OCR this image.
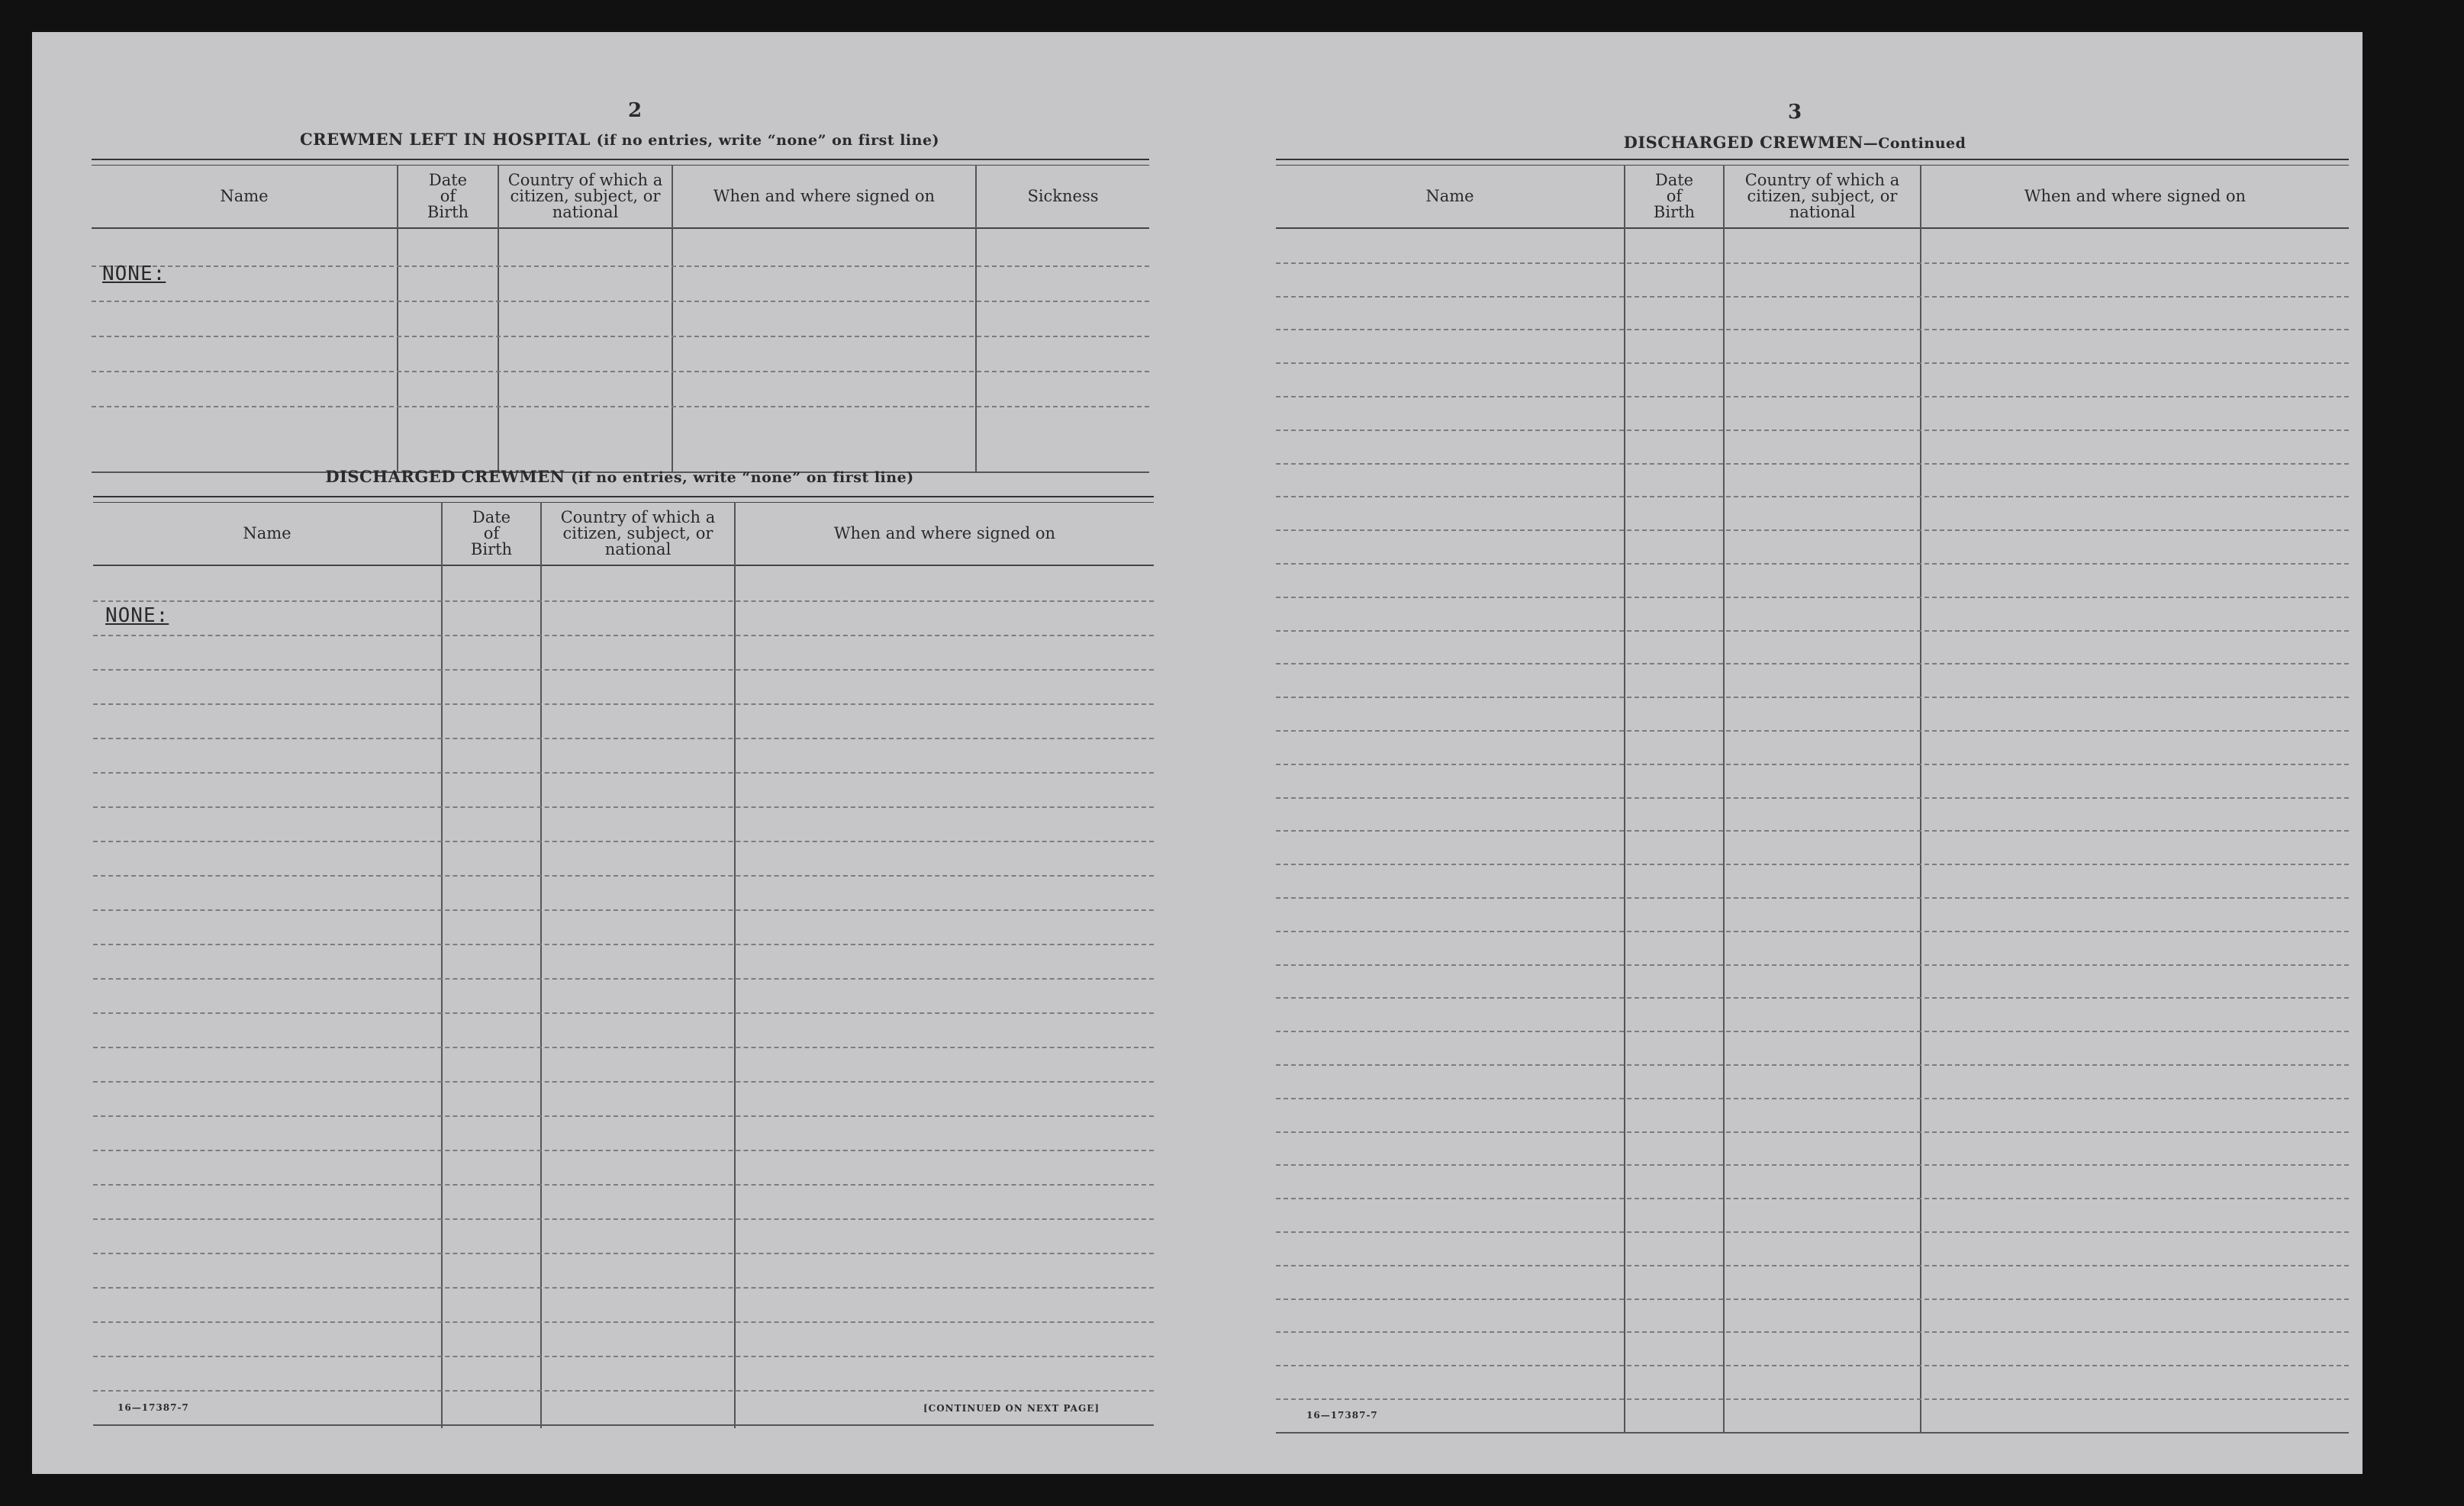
2
CREWMEN LEFT IN HOSPITAL (if no entries, write “none” on first line)
Name
Date
of
Birth
Country of which a
citizen, subject, or
national
When and where signed on	Sickness
NONE:
DISCHARGED CREWMEN (if no entries, write “none” on first line)
Name
Date
of
Birth
Country of which a
citizen, subject, or
national
When and where signed on
NONE:
16—17387-7	[CONTINUED ON NEXT PAGE]
3
DISCHARGED CREWMEN—Continued
Name
Date
of
Birth
Country of which a
citizen, subject, or
national
When and where signed on
16—17387-7
